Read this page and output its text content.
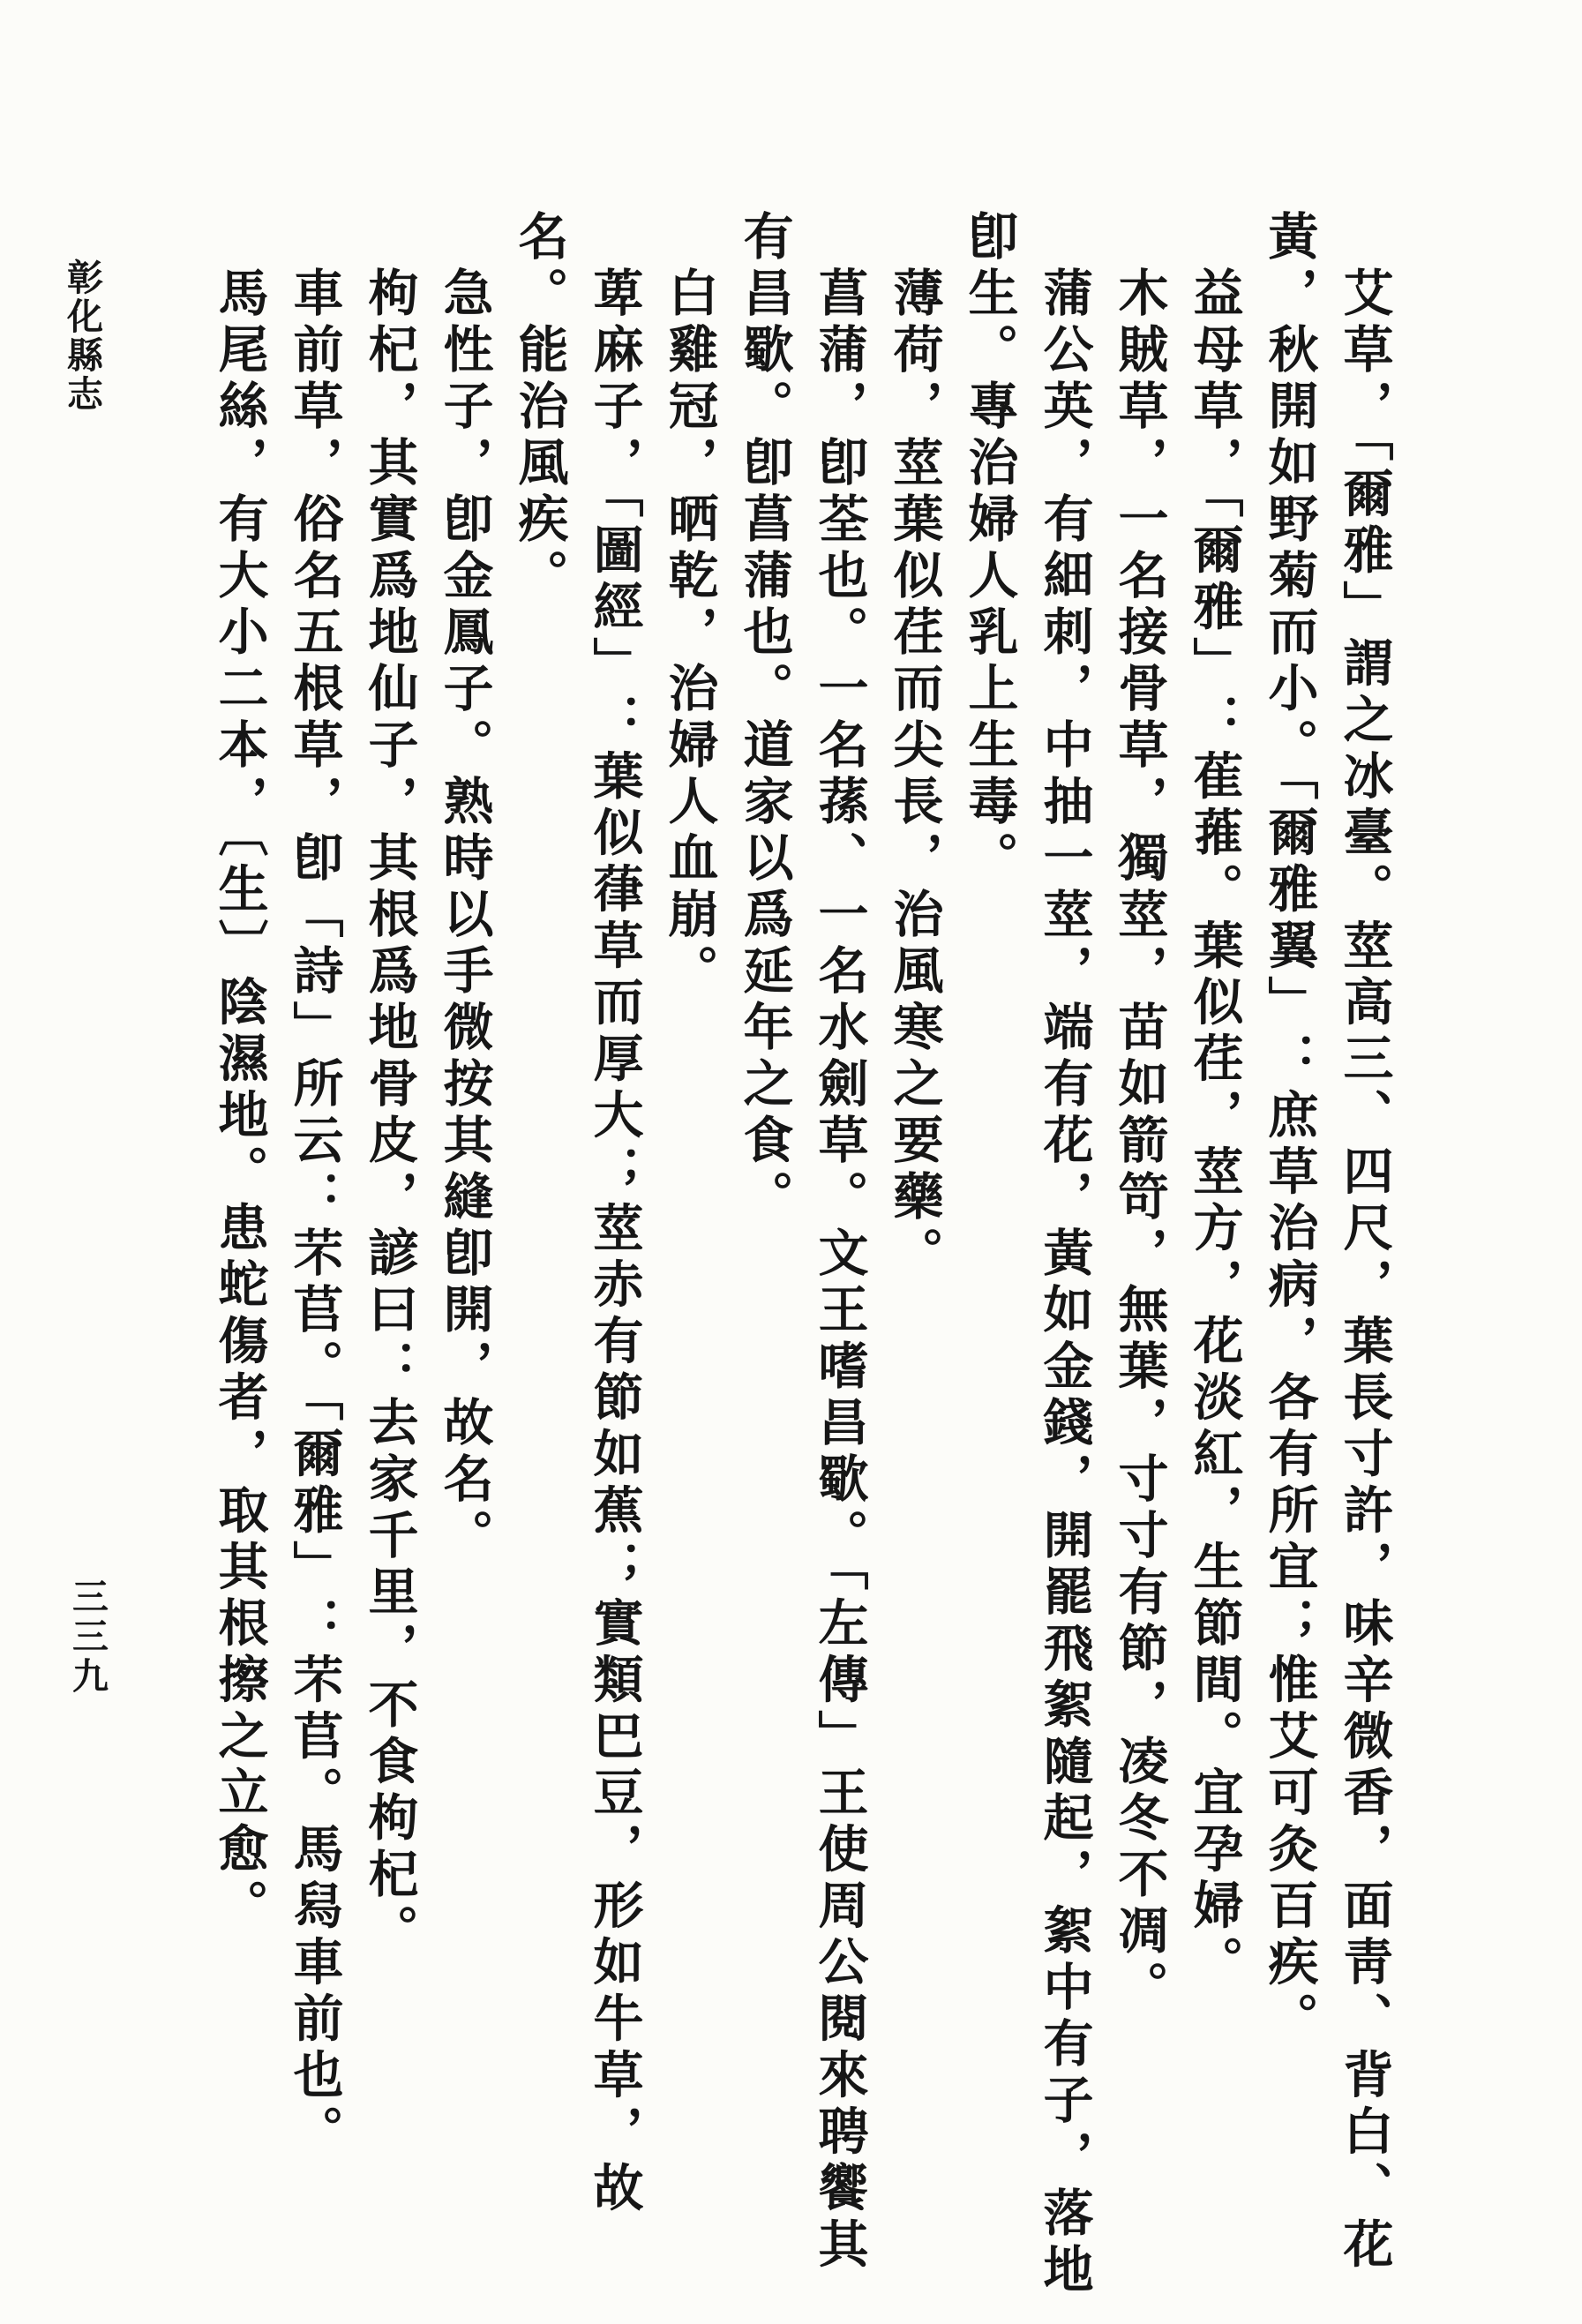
彰化縣志	艾草，「爾雅」謂之冰臺。莖高三、四尺，葉長寸許，味辛微香，面靑、背白、花黃，秋開如野菊而小。「爾雅翼」：庶草治病，各有所宜；惟艾可灸百疾。

益母草，「爾雅」：萑蓷。葉似荏，莖方，花淡紅，生節間。宜孕婦。

木賊草，一名接骨草，獨莖，苗如箭笴，無葉，寸寸有節，凌冬不凋。

蒲公英，有細刺，中抽一莖，端有花，黃如金錢，開罷飛絮隨起，絮中有子，落地卽生。專治婦人乳上生毒。

薄荷，莖葉似荏而尖長，治風寒之要藥。

菖蒲，卽荃也。一名蓀、一名水劍草。文王嗜昌歜。「左傳」王使周公閱來聘饗其有昌歜。卽菖蒲也。道家以爲延年之食。

白雞冠，晒乾，治婦人血崩。

萆麻子，「圖經」：葉似葎草而厚大；莖赤有節如蕉；實類巴豆，形如牛草，故名。能治風疾。

急性子，卽金鳳子。熟時以手微按其縫卽開，故名。

枸杞，其實爲地仙子，其根爲地骨皮，諺曰：去家千里，不食枸杞。

車前草，俗名五根草，卽「詩」所云：芣苢。「爾雅」：芣苢。馬舄車前也。

馬尾絲，有大小二本，〔生〕陰濕地。患蛇傷者，取其根擦之立愈。

三三九
